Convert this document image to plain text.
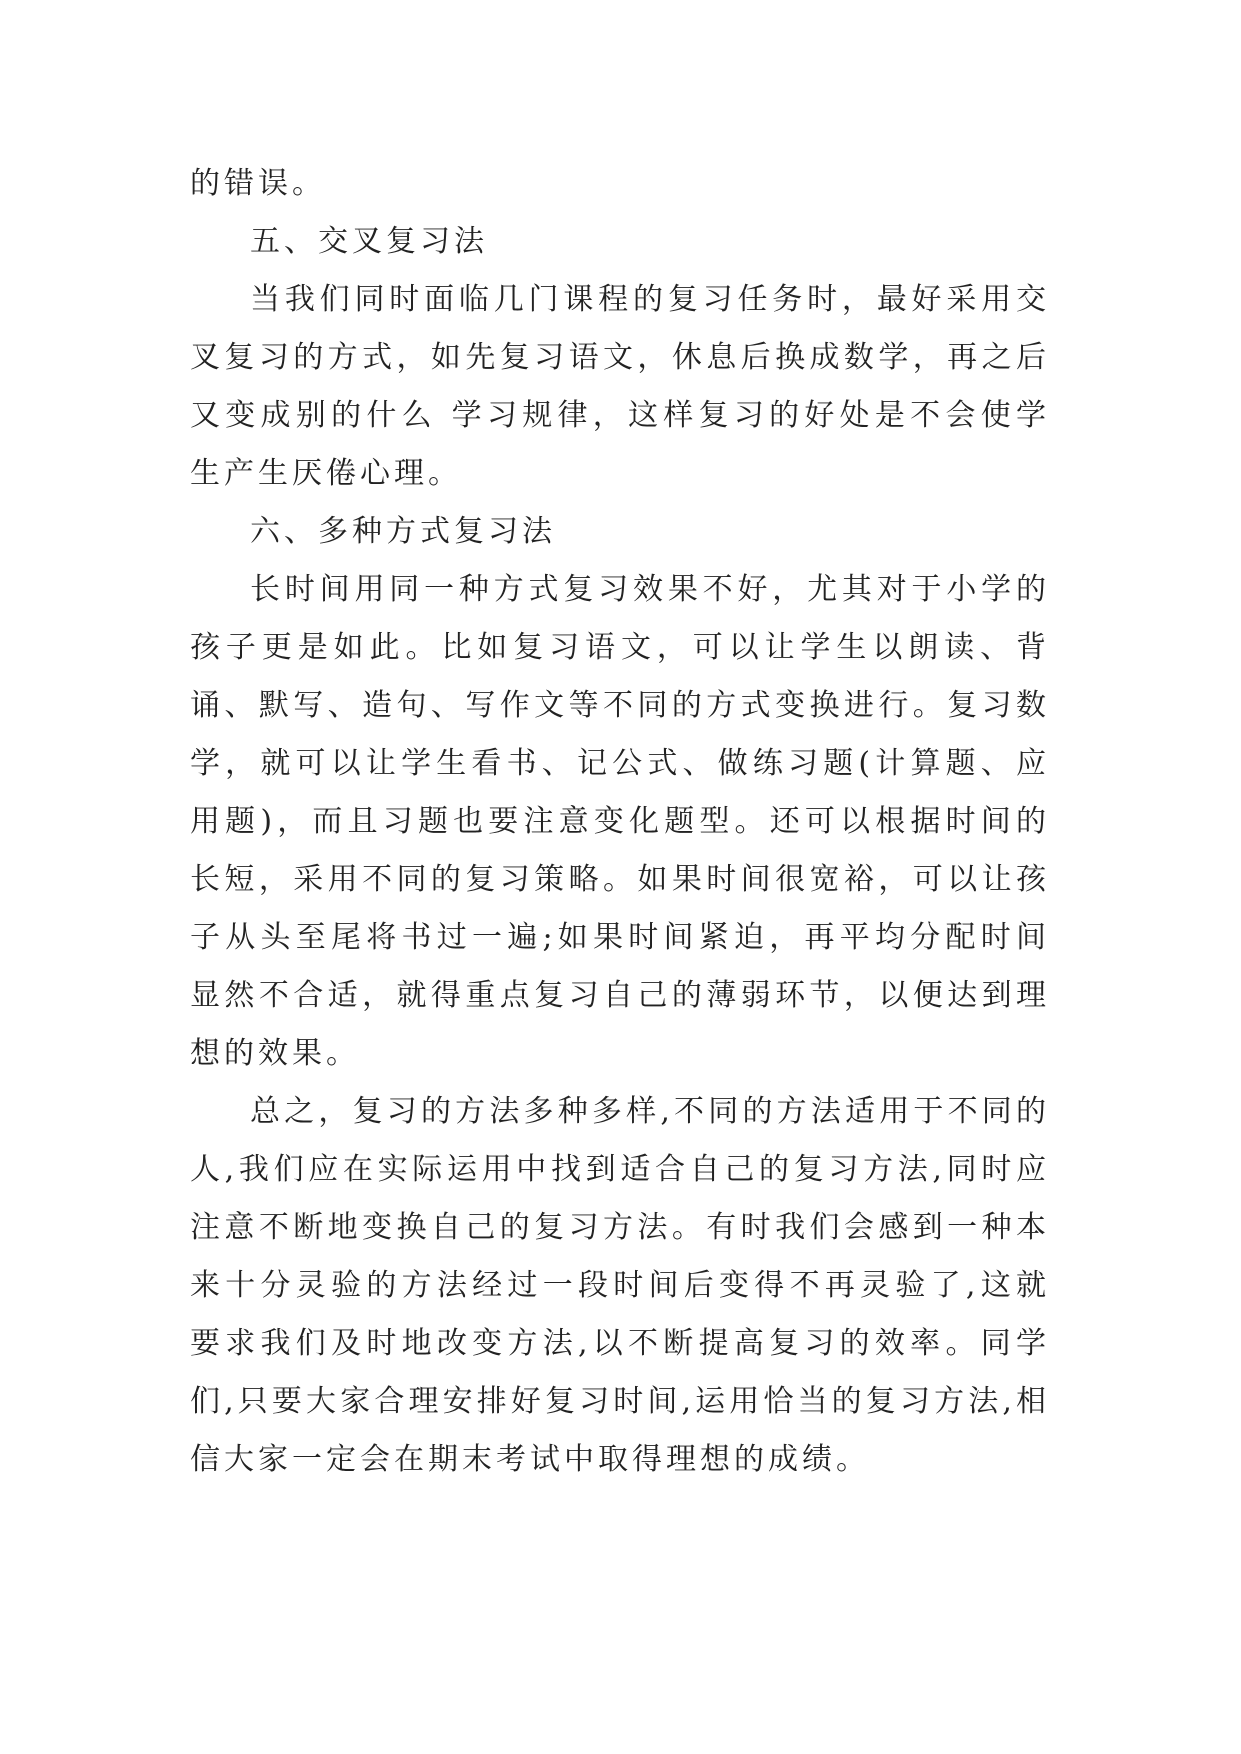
的错误。

五、交叉复习法

当我们同时面临几门课程的复习任务时，最好采用交叉复习的方式，如先复习语文，休息后换成数学，再之后又变成别的什么 学习规律，这样复习的好处是不会使学生产生厌倦心理。

六、多种方式复习法

长时间用同一种方式复习效果不好，尤其对于小学的孩子更是如此。比如复习语文，可以让学生以朗读、背诵、默写、造句、写作文等不同的方式变换进行。复习数学，就可以让学生看书、记公式、做练习题(计算题、应用题)，而且习题也要注意变化题型。还可以根据时间的长短，采用不同的复习策略。如果时间很宽裕，可以让孩子从头至尾将书过一遍;如果时间紧迫，再平均分配时间显然不合适，就得重点复习自己的薄弱环节，以便达到理想的效果。

总之，复习的方法多种多样,不同的方法适用于不同的人,我们应在实际运用中找到适合自己的复习方法,同时应注意不断地变换自己的复习方法。有时我们会感到一种本来十分灵验的方法经过一段时间后变得不再灵验了,这就要求我们及时地改变方法,以不断提高复习的效率。同学们,只要大家合理安排好复习时间,运用恰当的复习方法,相信大家一定会在期末考试中取得理想的成绩。
